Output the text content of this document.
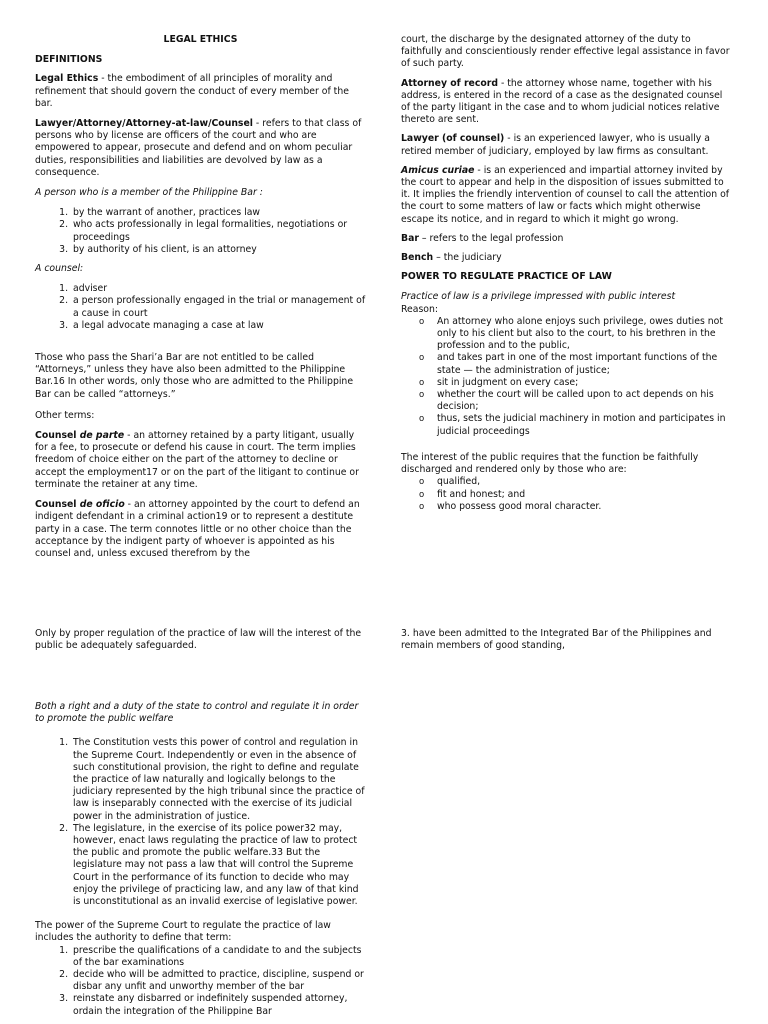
LEGAL ETHICS

DEFINITIONS

Legal Ethics - the embodiment of all principles of morality and refinement that should govern the conduct of every member of the bar.

Lawyer/Attorney/Attorney-at-law/Counsel - refers to that class of persons who by license are officers of the court and who are empowered to appear, prosecute and defend and on whom peculiar duties, responsibilities and liabilities are devolved by law as a consequence.

A person who is a member of the Philippine Bar :

1. by the warrant of another, practices law
2. who acts professionally in legal formalities, negotiations or proceedings
3. by authority of his client, is an attorney

A counsel:

1. adviser
2. a person professionally engaged in the trial or management of a cause in court
3. a legal advocate managing a case at law

Those who pass the Shari’a Bar are not entitled to be called “Attorneys,” unless they have also been admitted to the Philippine Bar.16 In other words, only those who are admitted to the Philippine Bar can be called “attorneys.”

Other terms:

Counsel de parte - an attorney retained by a party litigant, usually for a fee, to prosecute or defend his cause in court. The term implies freedom of choice either on the part of the attorney to decline or accept the employment17 or on the part of the litigant to continue or terminate the retainer at any time.

Counsel de oficio - an attorney appointed by the court to defend an indigent defendant in a criminal action19 or to represent a destitute party in a case. The term connotes little or no other choice than the acceptance by the indigent party of whoever is appointed as his counsel and, unless excused therefrom by the

court, the discharge by the designated attorney of the duty to faithfully and conscientiously render effective legal assistance in favor of such party.

Attorney of record - the attorney whose name, together with his address, is entered in the record of a case as the designated counsel of the party litigant in the case and to whom judicial notices relative thereto are sent.

Lawyer (of counsel) - is an experienced lawyer, who is usually a retired member of judiciary, employed by law firms as consultant.

Amicus curiae - is an experienced and impartial attorney invited by the court to appear and help in the disposition of issues submitted to it. It implies the friendly intervention of counsel to call the attention of the court to some matters of law or facts which might otherwise escape its notice, and in regard to which it might go wrong.

Bar – refers to the legal profession

Bench – the judiciary

POWER TO REGULATE PRACTICE OF LAW

Practice of law is a privilege impressed with public interest

Reason:

o An attorney who alone enjoys such privilege, owes duties not only to his client but also to the court, to his brethren in the profession and to the public,
o and takes part in one of the most important functions of the state — the administration of justice;
o sit in judgment on every case;
o whether the court will be called upon to act depends on his decision;
o thus, sets the judicial machinery in motion and participates in judicial proceedings

The interest of the public requires that the function be faithfully discharged and rendered only by those who are:

o qualified,
o fit and honest; and
o who possess good moral character.

Only by proper regulation of the practice of law will the interest of the public be adequately safeguarded.

3. have been admitted to the Integrated Bar of the Philippines and remain members of good standing,

Both a right and a duty of the state to control and regulate it in order to promote the public welfare

1. The Constitution vests this power of control and regulation in the Supreme Court. Independently or even in the absence of such constitutional provision, the right to define and regulate the practice of law naturally and logically belongs to the judiciary represented by the high tribunal since the practice of law is inseparably connected with the exercise of its judicial power in the administration of justice.
2. The legislature, in the exercise of its police power32 may, however, enact laws regulating the practice of law to protect the public and promote the public welfare.33 But the legislature may not pass a law that will control the Supreme Court in the performance of its function to decide who may enjoy the privilege of practicing law, and any law of that kind is unconstitutional as an invalid exercise of legislative power.

The power of the Supreme Court to regulate the practice of law includes the authority to define that term:

1. prescribe the qualifications of a candidate to and the subjects of the bar examinations
2. decide who will be admitted to practice, discipline, suspend or disbar any unfit and unworthy member of the bar
3. reinstate any disbarred or indefinitely suspended attorney, ordain the integration of the Philippine Bar
